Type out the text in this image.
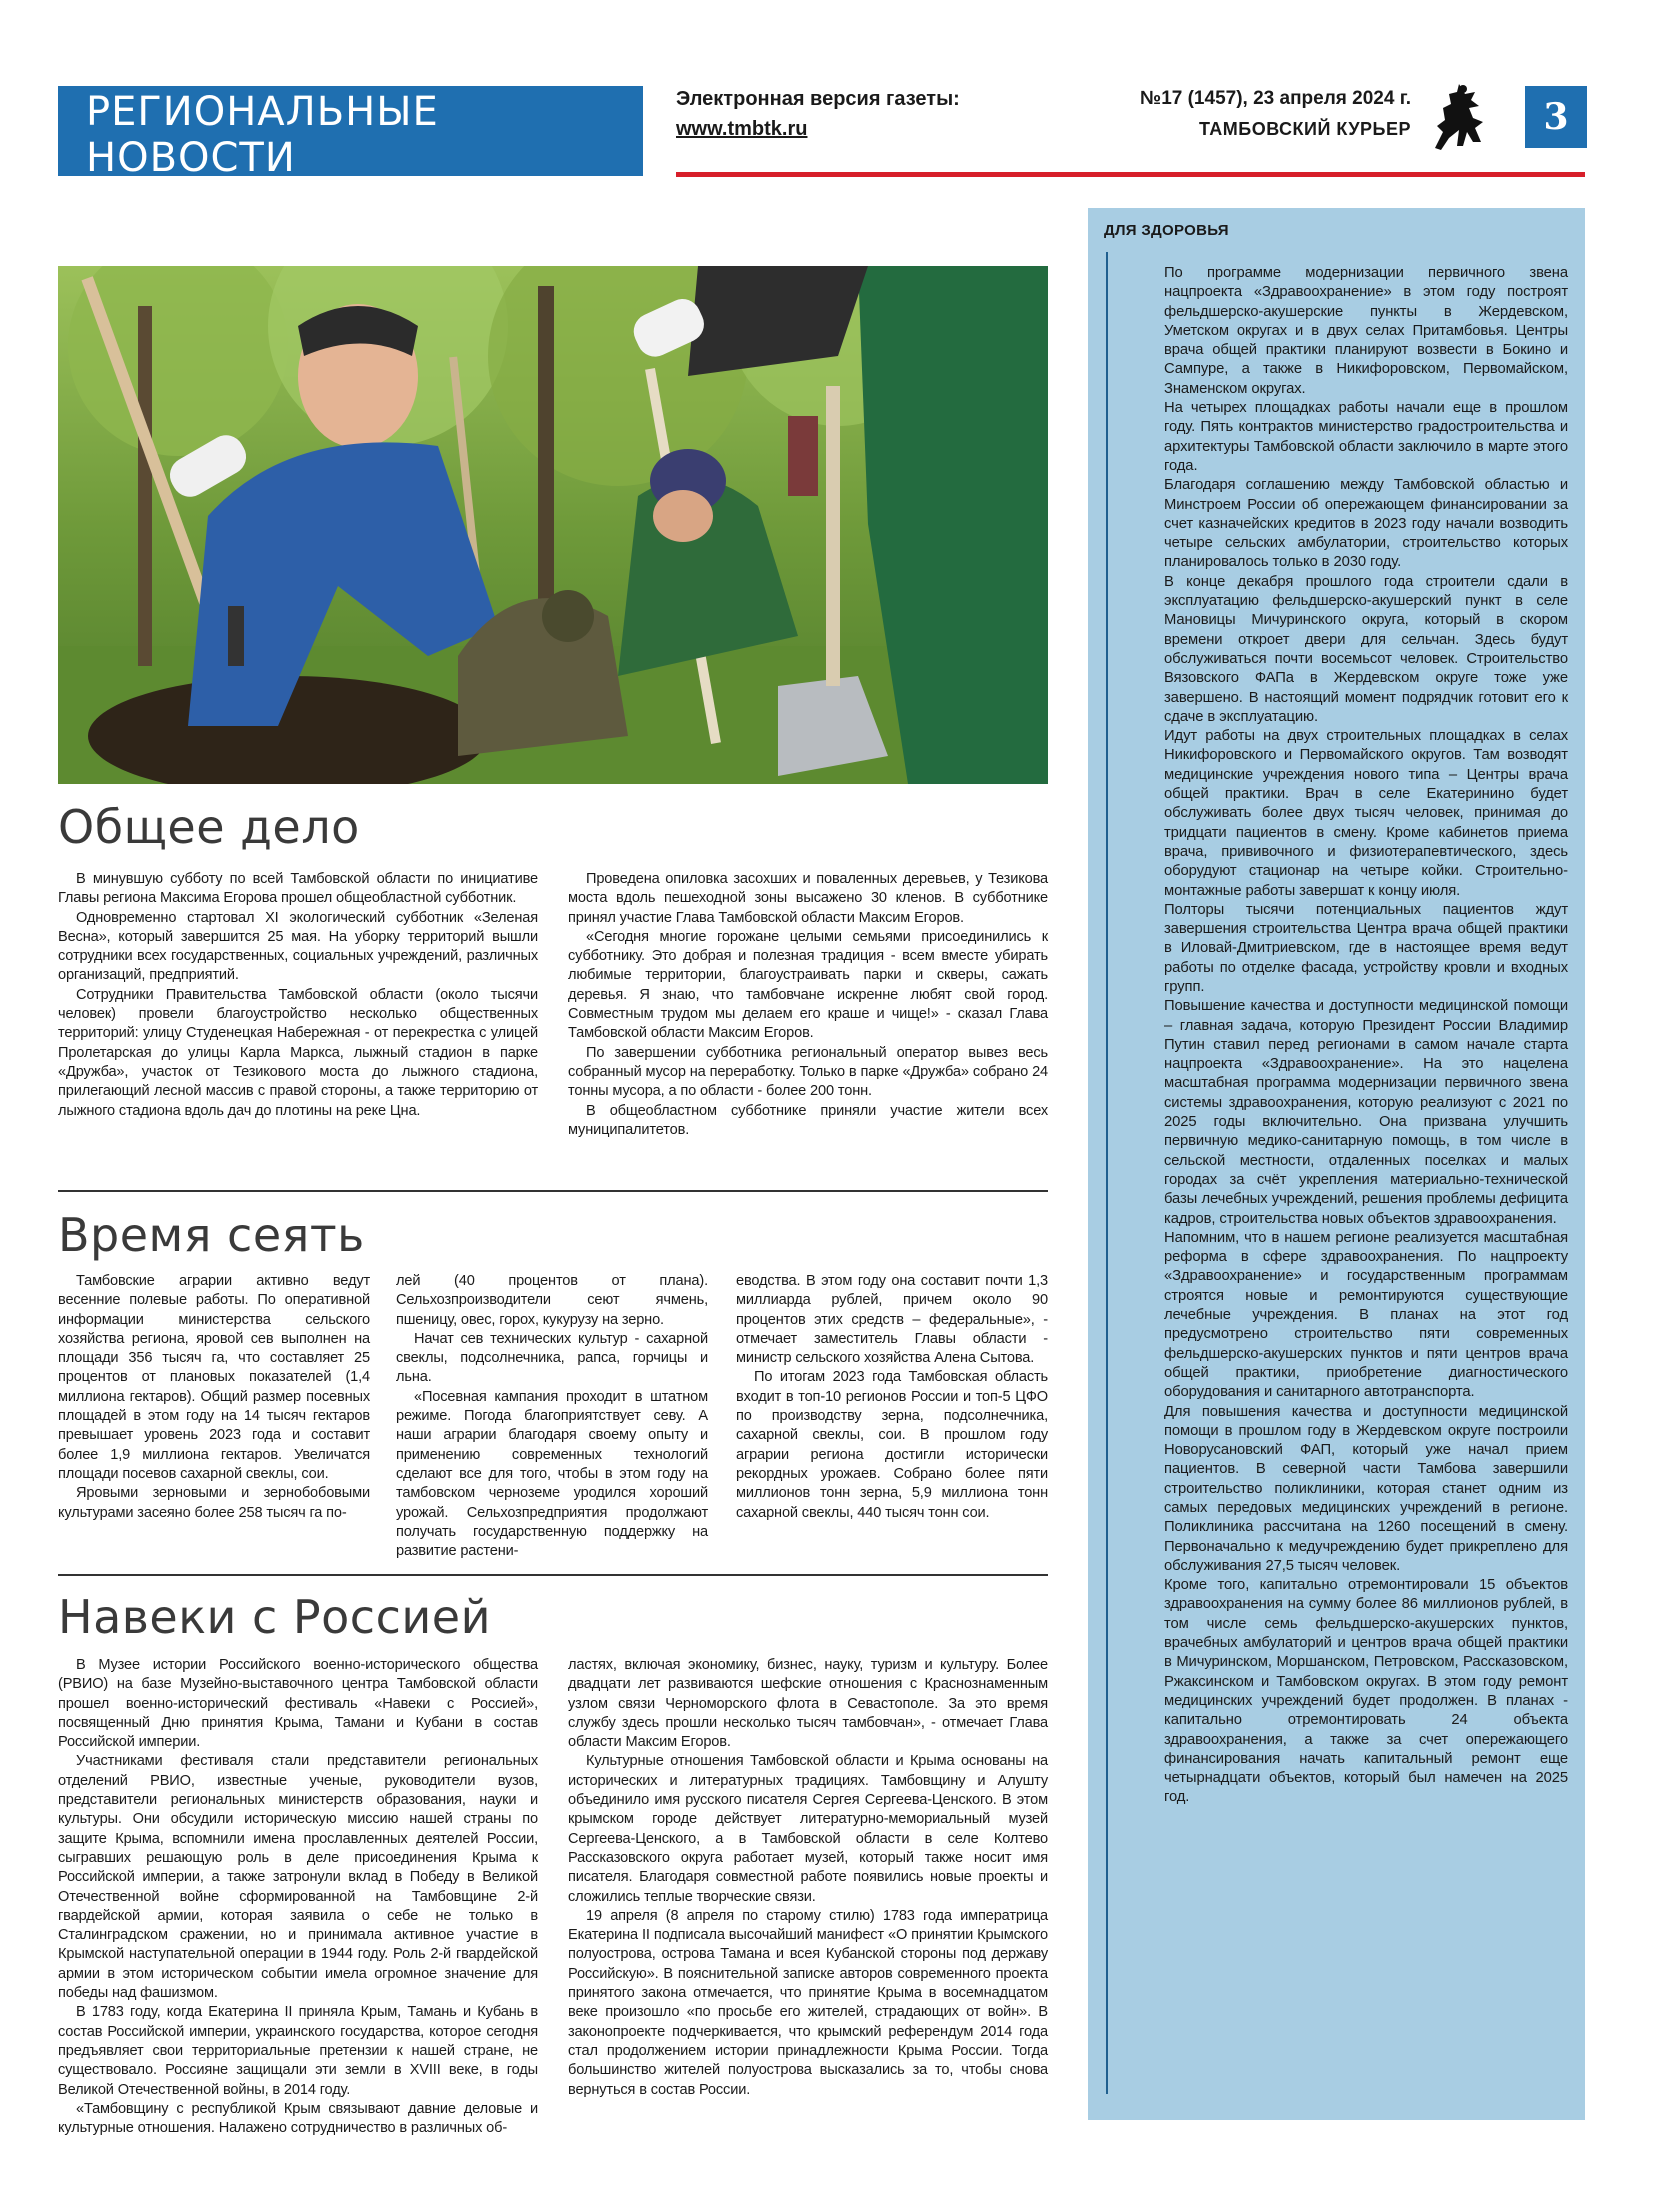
РЕГИОНАЛЬНЫЕ НОВОСТИ
Электронная версия газеты:
www.tmbtk.ru
№17 (1457), 23 апреля 2024 г.
ТАМБОВСКИЙ КУРЬЕР	3
Общее дело

В минувшую субботу по всей Тамбовской области по инициативе Главы региона Максима Егорова прошел общеобластной субботник.

Одновременно стартовал XI экологический субботник «Зеленая Весна», который завершится 25 мая. На уборку территорий вышли сотрудники всех государственных, социальных учреждений, различных организаций, предприятий.

Сотрудники Правительства Тамбовской области (около тысячи человек) провели благоустройство несколько общественных территорий: улицу Студенецкая Набережная - от перекрестка с улицей Пролетарская до улицы Карла Маркса, лыжный стадион в парке «Дружба», участок от Тезикового моста до лыжного стадиона, прилегающий лесной массив с правой стороны, а также территорию от лыжного стадиона вдоль дач до плотины на реке Цна.

Проведена опиловка засохших и поваленных деревьев, у Тезикова моста вдоль пешеходной зоны высажено 30 кленов. В субботнике принял участие Глава Тамбовской области Максим Егоров.

«Сегодня многие горожане целыми семьями присоединились к субботнику. Это добрая и полезная традиция - всем вместе убирать любимые территории, благоустраивать парки и скверы, сажать деревья. Я знаю, что тамбовчане искренне любят свой город. Совместным трудом мы делаем его краше и чище!» - сказал Глава Тамбовской области Максим Егоров.

По завершении субботника региональный оператор вывез весь собранный мусор на переработку. Только в парке «Дружба» собрано 24 тонны мусора, а по области - более 200 тонн.

В общеобластном субботнике приняли участие жители всех муниципалитетов.

Время сеять

Тамбовские аграрии активно ведут весенние полевые работы. По оперативной информации министерства сельского хозяйства региона, яровой сев выполнен на площади 356 тысяч га, что составляет 25 процентов от плановых показателей (1,4 миллиона гектаров). Общий размер посевных площадей в этом году на 14 тысяч гектаров превышает уровень 2023 года и составит более 1,9 миллиона гектаров. Увеличатся площади посевов сахарной свеклы, сои.

Яровыми зерновыми и зернобобовыми культурами засеяно более 258 тысяч га по-

лей (40 процентов от плана). Сельхозпроизводители сеют ячмень, пшеницу, овес, горох, кукурузу на зерно.

Начат сев технических культур - сахарной свеклы, подсолнечника, рапса, горчицы и льна.

«Посевная кампания проходит в штатном режиме. Погода благоприятствует севу. А наши аграрии благодаря своему опыту и применению современных технологий сделают все для того, чтобы в этом году на тамбовском черноземе уродился хороший урожай. Сельхозпредприятия продолжают получать государственную поддержку на развитие растени-

еводства. В этом году она составит почти 1,3 миллиарда рублей, причем около 90 процентов этих средств – федеральные», - отмечает заместитель Главы области - министр сельского хозяйства Алена Сытова.

По итогам 2023 года Тамбовская область входит в топ-10 регионов России и топ-5 ЦФО по производству зерна, подсолнечника, сахарной свеклы, сои. В прошлом году аграрии региона достигли исторически рекордных урожаев. Собрано более пяти миллионов тонн зерна, 5,9 миллиона тонн сахарной свеклы, 440 тысяч тонн сои.

Навеки с Россией

В Музее истории Российского военно-исторического общества (РВИО) на базе Музейно-выставочного центра Тамбовской области прошел военно-исторический фестиваль «Навеки с Россией», посвященный Дню принятия Крыма, Тамани и Кубани в состав Российской империи.

Участниками фестиваля стали представители региональных отделений РВИО, известные ученые, руководители вузов, представители региональных министерств образования, науки и культуры. Они обсудили историческую миссию нашей страны по защите Крыма, вспомнили имена прославленных деятелей России, сыгравших решающую роль в деле присоединения Крыма к Российской империи, а также затронули вклад в Победу в Великой Отечественной войне сформированной на Тамбовщине 2-й гвардейской армии, которая заявила о себе не только в Сталинградском сражении, но и принимала активное участие в Крымской наступательной операции в 1944 году. Роль 2-й гвардейской армии в этом историческом событии имела огромное значение для победы над фашизмом.

В 1783 году, когда Екатерина II приняла Крым, Тамань и Кубань в состав Российской империи, украинского государства, которое сегодня предъявляет свои территориальные претензии к нашей стране, не существовало. Россияне защищали эти земли в XVIII веке, в годы Великой Отечественной войны, в 2014 году.

«Тамбовщину с республикой Крым связывают давние деловые и культурные отношения. Налажено сотрудничество в различных об-

ластях, включая экономику, бизнес, науку, туризм и культуру. Более двадцати лет развиваются шефские отношения с Краснознаменным узлом связи Черноморского флота в Севастополе. За это время службу здесь прошли несколько тысяч тамбовчан», - отмечает Глава области Максим Егоров.

Культурные отношения Тамбовской области и Крыма основаны на исторических и литературных традициях. Тамбовщину и Алушту объединило имя русского писателя Сергея Сергеева-Ценского. В этом крымском городе действует литературно-мемориальный музей Сергеева-Ценского, а в Тамбовской области в селе Колтево Рассказовского округа работает музей, который также носит имя писателя. Благодаря совместной работе появились новые проекты и сложились теплые творческие связи.

19 апреля (8 апреля по старому стилю) 1783 года императрица Екатерина II подписала высочайший манифест «О принятии Крымского полуострова, острова Тамана и всея Кубанской стороны под державу Российскую». В пояснительной записке авторов современного проекта принятого закона отмечается, что принятие Крыма в восемнадцатом веке произошло «по просьбе его жителей, страдающих от войн». В законопроекте подчеркивается, что крымский референдум 2014 года стал продолжением истории принадлежности Крыма России. Тогда большинство жителей полуострова высказались за то, чтобы снова вернуться в состав России.

ДЛЯ ЗДОРОВЬЯ

По программе модернизации первичного звена нацпроекта «Здравоохранение» в этом году построят фельдшерско-акушерские пункты в Жердевском, Уметском округах и в двух селах Притамбовья. Центры врача общей практики планируют возвести в Бокино и Сампуре, а также в Никифоровском, Первомайском, Знаменском округах.

На четырех площадках работы начали еще в прошлом году. Пять контрактов министерство градостроительства и архитектуры Тамбовской области заключило в марте этого года.

Благодаря соглашению между Тамбовской областью и Минстроем России об опережающем финансировании за счет казначейских кредитов в 2023 году начали возводить четыре сельских амбулатории, строительство которых планировалось только в 2030 году.

В конце декабря прошлого года строители сдали в эксплуатацию фельдшерско-акушерский пункт в селе Мановицы Мичуринского округа, который в скором времени откроет двери для сельчан. Здесь будут обслуживаться почти восемьсот человек. Строительство Вязовского ФАПа в Жердевском округе тоже уже завершено. В настоящий момент подрядчик готовит его к сдаче в эксплуатацию.

Идут работы на двух строительных площадках в селах Никифоровского и Первомайского округов. Там возводят медицинские учреждения нового типа – Центры врача общей практики. Врач в селе Екатеринино будет обслуживать более двух тысяч человек, принимая до тридцати пациентов в смену. Кроме кабинетов приема врача, прививочного и физиотерапевтического, здесь оборудуют стационар на четыре койки. Строительно-монтажные работы завершат к концу июля.

Полторы тысячи потенциальных пациентов ждут завершения строительства Центра врача общей практики в Иловай-Дмитриевском, где в настоящее время ведут работы по отделке фасада, устройству кровли и входных групп.

Повышение качества и доступности медицинской помощи – главная задача, которую Президент России Владимир Путин ставил перед регионами в самом начале старта нацпроекта «Здравоохранение». На это нацелена масштабная программа модернизации первичного звена системы здравоохранения, которую реализуют с 2021 по 2025 годы включительно. Она призвана улучшить первичную медико-санитарную помощь, в том числе в сельской местности, отдаленных поселках и малых городах за счёт укрепления материально-технической базы лечебных учреждений, решения проблемы дефицита кадров, строительства новых объектов здравоохранения.

Напомним, что в нашем регионе реализуется масштабная реформа в сфере здравоохранения. По нацпроекту «Здравоохранение» и государственным программам строятся новые и ремонтируются существующие лечебные учреждения. В планах на этот год предусмотрено строительство пяти современных фельдшерско-акушерских пунктов и пяти центров врача общей практики, приобретение диагностического оборудования и санитарного автотранспорта.

Для повышения качества и доступности медицинской помощи в прошлом году в Жердевском округе построили Новорусановский ФАП, который уже начал прием пациентов. В северной части Тамбова завершили строительство поликлиники, которая станет одним из самых передовых медицинских учреждений в регионе. Поликлиника рассчитана на 1260 посещений в смену. Первоначально к медучреждению будет прикреплено для обслуживания 27,5 тысяч человек.

Кроме того, капитально отремонтировали 15 объектов здравоохранения на сумму более 86 миллионов рублей, в том числе семь фельдшерско-акушерских пунктов, врачебных амбулаторий и центров врача общей практики в Мичуринском, Моршанском, Петровском, Рассказовском, Ржаксинском и Тамбовском округах. В этом году ремонт медицинских учреждений будет продолжен. В планах - капитально отремонтировать 24 объекта здравоохранения, а также за счет опережающего финансирования начать капитальный ремонт еще четырнадцати объектов, который был намечен на 2025 год.
